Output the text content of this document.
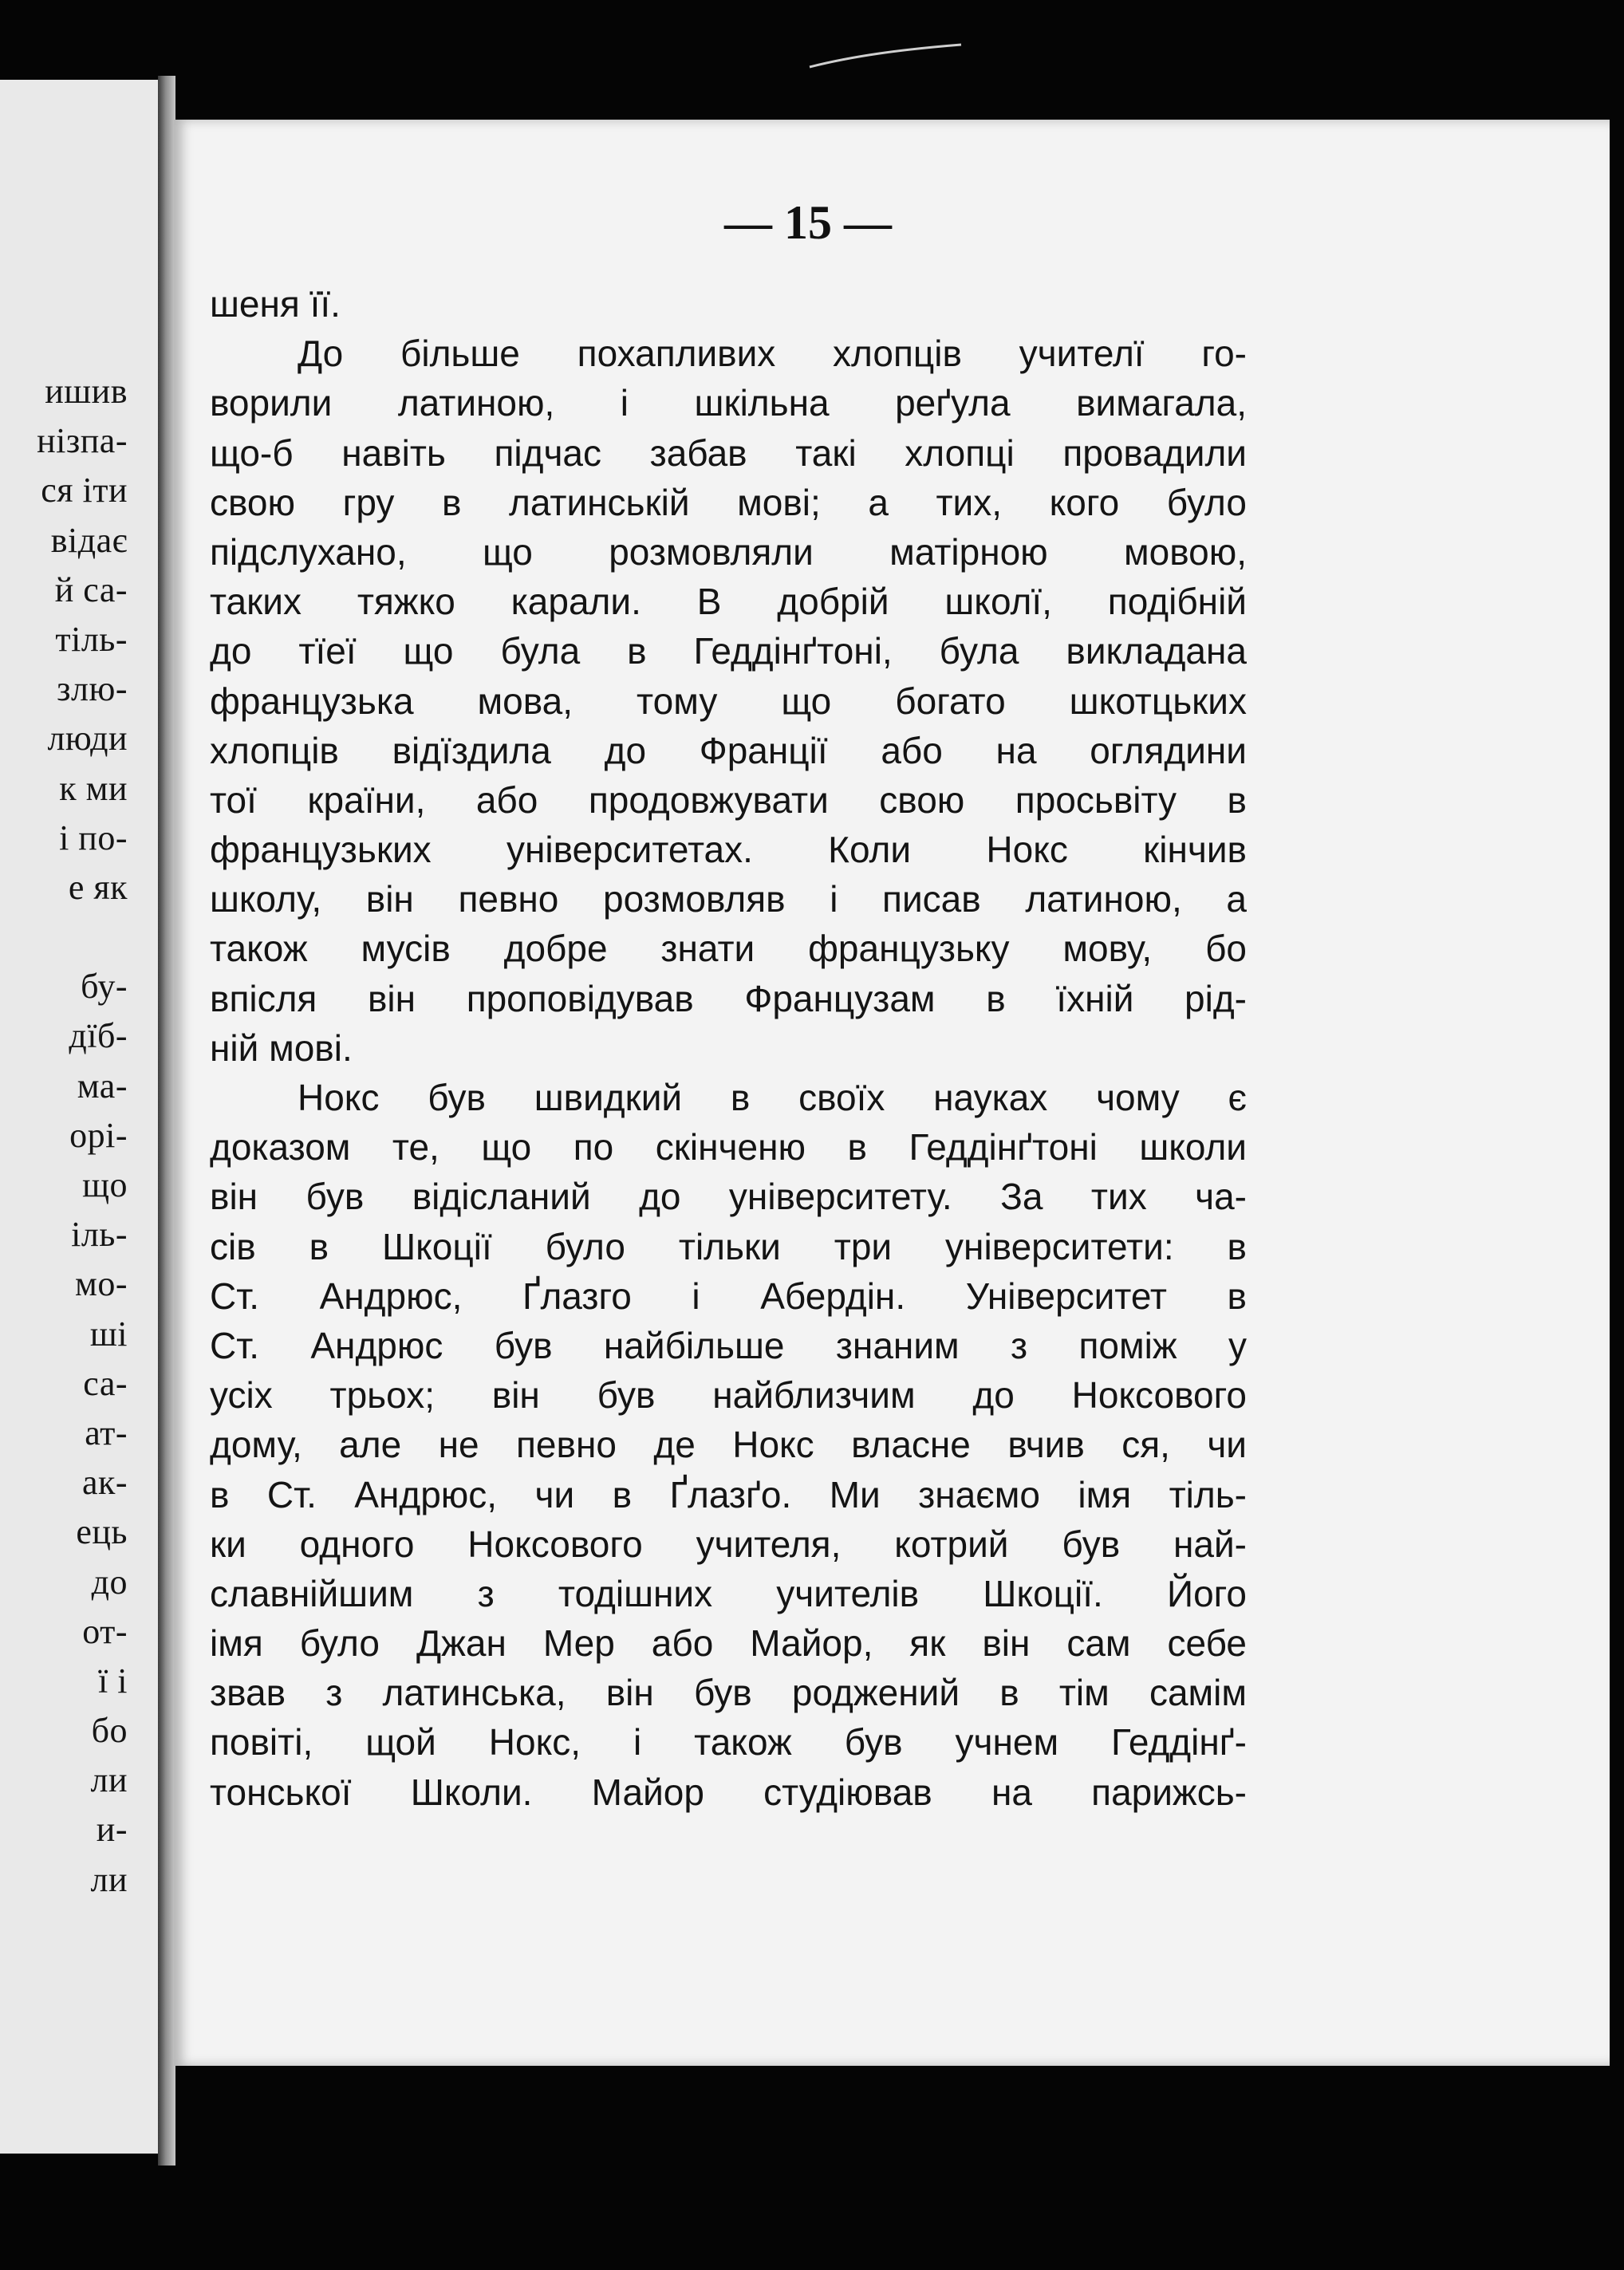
ишив
нізпа-
ся іти
відає
й са-
тіль-
злю-
люди
к ми
і по-
е як
бу-
дїб-
ма-
орі-
що
іль-
мо-
ші
са-
ат-
ак-
ець
до
от-
ї і
бо
ли
и-
ли
— 15 —
шеня її.
До більше похапливих хлопців учителї го-
ворили латиною, і шкільна реґула вимагала,
що-б навіть підчас забав такі хлопці провадили
свою гру в латинській мові; а тих, кого було
підслухано, що розмовляли матірною мовою,
таких тяжко карали. В добрій школї, подібній
до тїеї що була в Геддінґтоні, була викладана
французька мова, тому що богато шкотцьких
хлопців відїздила до Франції або на оглядини
тої країни, або продовжувати свою просьвіту в
французьких університетах. Коли Нокс кінчив
школу, він певно розмовляв і писав латиною, а
також мусів добре знати французьку мову, бо
впісля він проповідував Французам в їхній рід-
ній мові.
Нокс був швидкий в своїх науках чому є
доказом те, що по скінченю в Геддінґтоні школи
він був відісланий до університету. За тих ча-
сів в Шкоції було тільки три університети: в
Ст. Андрюс, Ґлазго і Абердін. Університет в
Ст. Андрюс був найбільше знаним з поміж у
усіх трьох; він був найблизчим до Ноксового
дому, але не певно де Нокс власне вчив ся, чи
в Ст. Андрюс, чи в Ґлазґо. Ми знаємо імя тіль-
ки одного Ноксового учителя, котрий був най-
славнійшим з тодішних учителів Шкоції. Його
імя було Джан Мер або Майор, як він сам себе
звав з латинська, він був роджений в тім самім
повіті, щой Нокс, і також був учнем Геддінґ-
тонської Школи. Майор студіював на парижсь-
